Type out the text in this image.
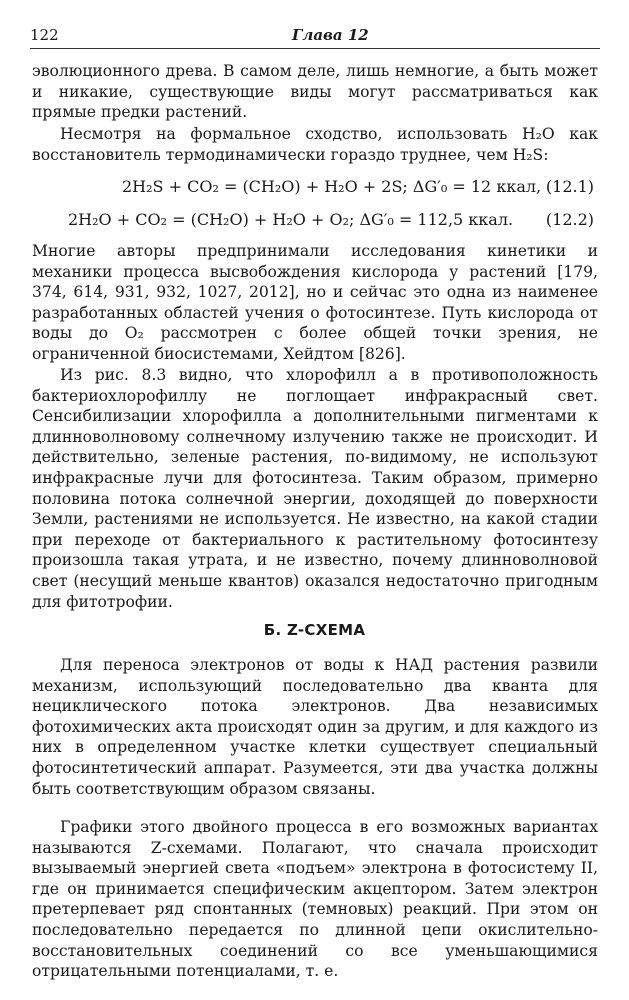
122	Глава 12

эволюционного древа. В самом деле, лишь немногие, а быть может и никакие, существующие виды могут рассматриваться как прямые предки растений.

Несмотря на формальное сходство, использовать H₂O как восстановитель термодинамически гораздо труднее, чем H₂S:

2H₂S + CO₂ = (CH₂O) + H₂O + 2S; ΔG′₀ = 12 ккал, (12.1)
2H₂O + CO₂ = (CH₂O) + H₂O + O₂; ΔG′₀ = 112,5 ккал. (12.2)

Многие авторы предпринимали исследования кинетики и механики процесса высвобождения кислорода у растений [179, 374, 614, 931, 932, 1027, 2012], но и сейчас это одна из наименее разработанных областей учения о фотосинтезе. Путь кислорода от воды до O₂ рассмотрен с более общей точки зрения, не ограниченной биосистемами, Хейдтом [826].

Из рис. 8.3 видно, что хлорофилл a в противоположность бактериохлорофиллу не поглощает инфракрасный свет. Сенсибилизации хлорофилла a дополнительными пигментами к длинноволновому солнечному излучению также не происходит. И действительно, зеленые растения, по-видимому, не используют инфракрасные лучи для фотосинтеза. Таким образом, примерно половина потока солнечной энергии, доходящей до поверхности Земли, растениями не используется. Не известно, на какой стадии при переходе от бактериального к растительному фотосинтезу произошла такая утрата, и не известно, почему длинноволновой свет (несущий меньше квантов) оказался недостаточно пригодным для фитотрофии.

Б. Z-СХЕМА

Для переноса электронов от воды к НАД растения развили механизм, использующий последовательно два кванта для нециклического потока электронов. Два независимых фотохимических акта происходят один за другим, и для каждого из них в определенном участке клетки существует специальный фотосинтетический аппарат. Разумеется, эти два участка должны быть соответствующим образом связаны.

Графики этого двойного процесса в его возможных вариантах называются Z-схемами. Полагают, что сначала происходит вызываемый энергией света «подъем» электрона в фотосистему II, где он принимается специфическим акцептором. Затем электрон претерпевает ряд спонтанных (темновых) реакций. При этом он последовательно передается по длинной цепи окислительно-восстановительных соединений со все уменьшающимися отрицательными потенциалами, т. е.
